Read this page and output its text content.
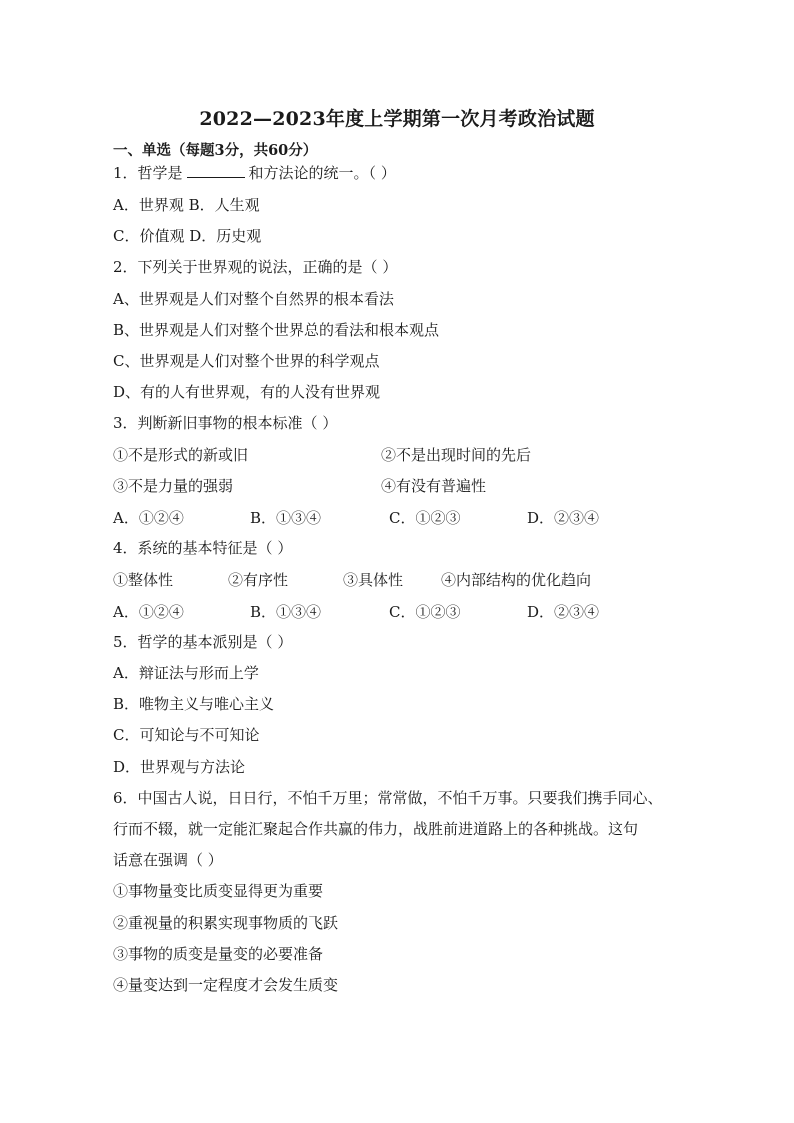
2022—2023年度上学期第一次月考政治试题
一、单选（每题3分，共60分）
1．哲学是	和方法论的统一。（ ）
A．世界观 B．人生观
C．价值观 D．历史观
2．下列关于世界观的说法，正确的是（ ）
A、世界观是人们对整个自然界的根本看法
B、世界观是人们对整个世界总的看法和根本观点
C、世界观是人们对整个世界的科学观点
D、有的人有世界观，有的人没有世界观
3．判断新旧事物的根本标准（ ）
①不是形式的新或旧	②不是出现时间的先后
③不是力量的强弱	④有没有普遍性
A．①②④	B．①③④	C．①②③	D．②③④
4．系统的基本特征是（ ）
①整体性	②有序性	③具体性	④内部结构的优化趋向
A．①②④	B．①③④	C．①②③	D．②③④
5．哲学的基本派别是（ ）
A．辩证法与形而上学
B．唯物主义与唯心主义
C．可知论与不可知论
D．世界观与方法论
6．中国古人说，日日行，不怕千万里；常常做，不怕千万事。只要我们携手同心、
行而不辍，就一定能汇聚起合作共赢的伟力，战胜前进道路上的各种挑战。这句
话意在强调（ ）
①事物量变比质变显得更为重要
②重视量的积累实现事物质的飞跃
③事物的质变是量变的必要准备
④量变达到一定程度才会发生质变
